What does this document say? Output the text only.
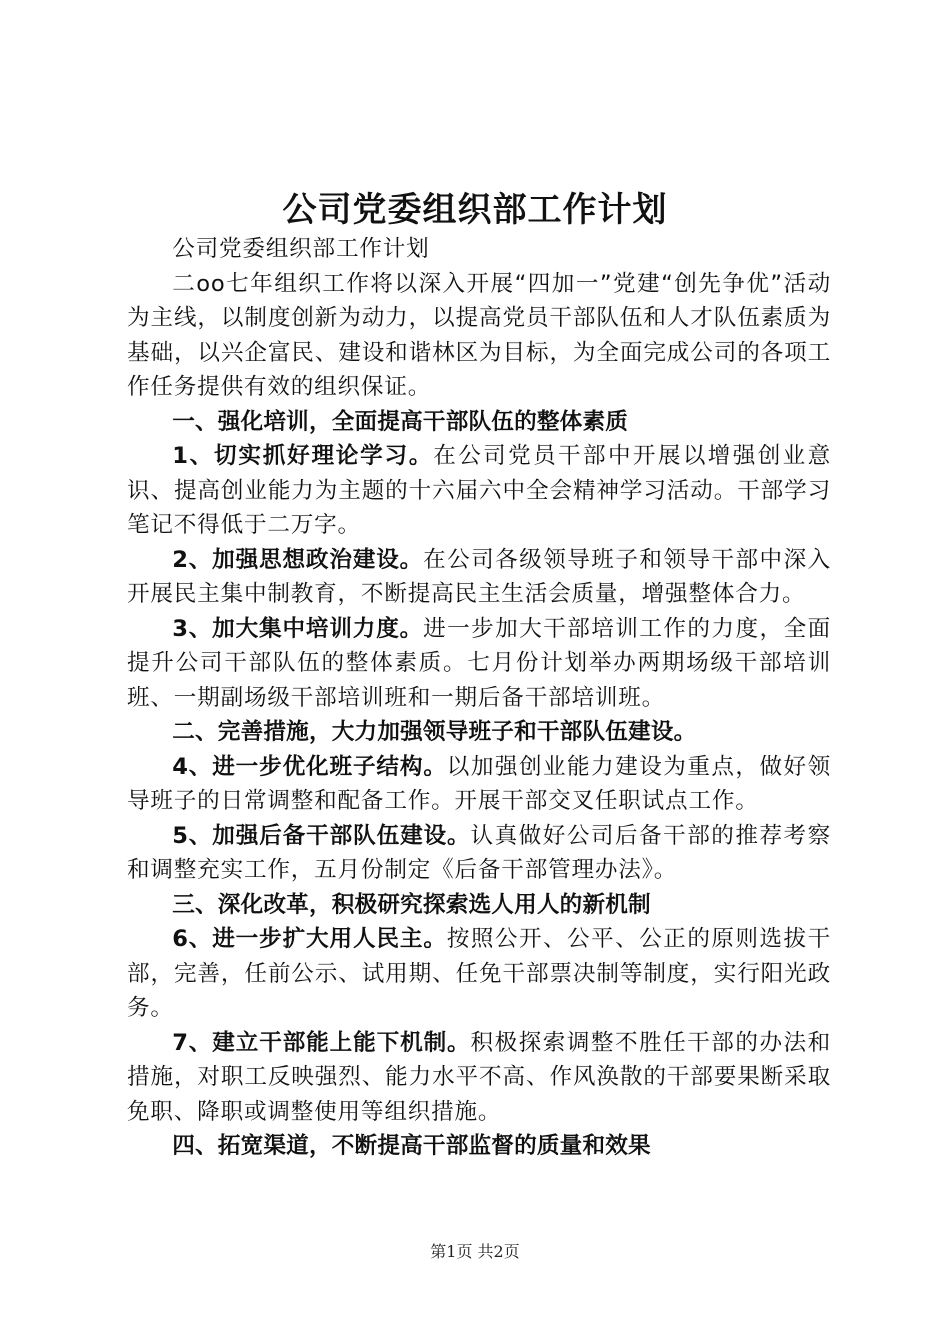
公司党委组织部工作计划

公司党委组织部工作计划

二oo七年组织工作将以深入开展“四加一”党建“创先争优”活动为主线，以制度创新为动力，以提高党员干部队伍和人才队伍素质为基础，以兴企富民、建设和谐林区为目标，为全面完成公司的各项工作任务提供有效的组织保证。

一、强化培训，全面提高干部队伍的整体素质

1、切实抓好理论学习。在公司党员干部中开展以增强创业意识、提高创业能力为主题的十六届六中全会精神学习活动。干部学习笔记不得低于二万字。

2、加强思想政治建设。在公司各级领导班子和领导干部中深入开展民主集中制教育，不断提高民主生活会质量，增强整体合力。

3、加大集中培训力度。进一步加大干部培训工作的力度，全面提升公司干部队伍的整体素质。七月份计划举办两期场级干部培训班、一期副场级干部培训班和一期后备干部培训班。

二、完善措施，大力加强领导班子和干部队伍建设。

4、进一步优化班子结构。以加强创业能力建设为重点，做好领导班子的日常调整和配备工作。开展干部交叉任职试点工作。

5、加强后备干部队伍建设。认真做好公司后备干部的推荐考察和调整充实工作，五月份制定《后备干部管理办法》。

三、深化改革，积极研究探索选人用人的新机制

6、进一步扩大用人民主。按照公开、公平、公正的原则选拔干部，完善，任前公示、试用期、任免干部票决制等制度，实行阳光政务。

7、建立干部能上能下机制。积极探索调整不胜任干部的办法和措施，对职工反映强烈、能力水平不高、作风涣散的干部要果断采取免职、降职或调整使用等组织措施。

四、拓宽渠道，不断提高干部监督的质量和效果

第1页 共2页
